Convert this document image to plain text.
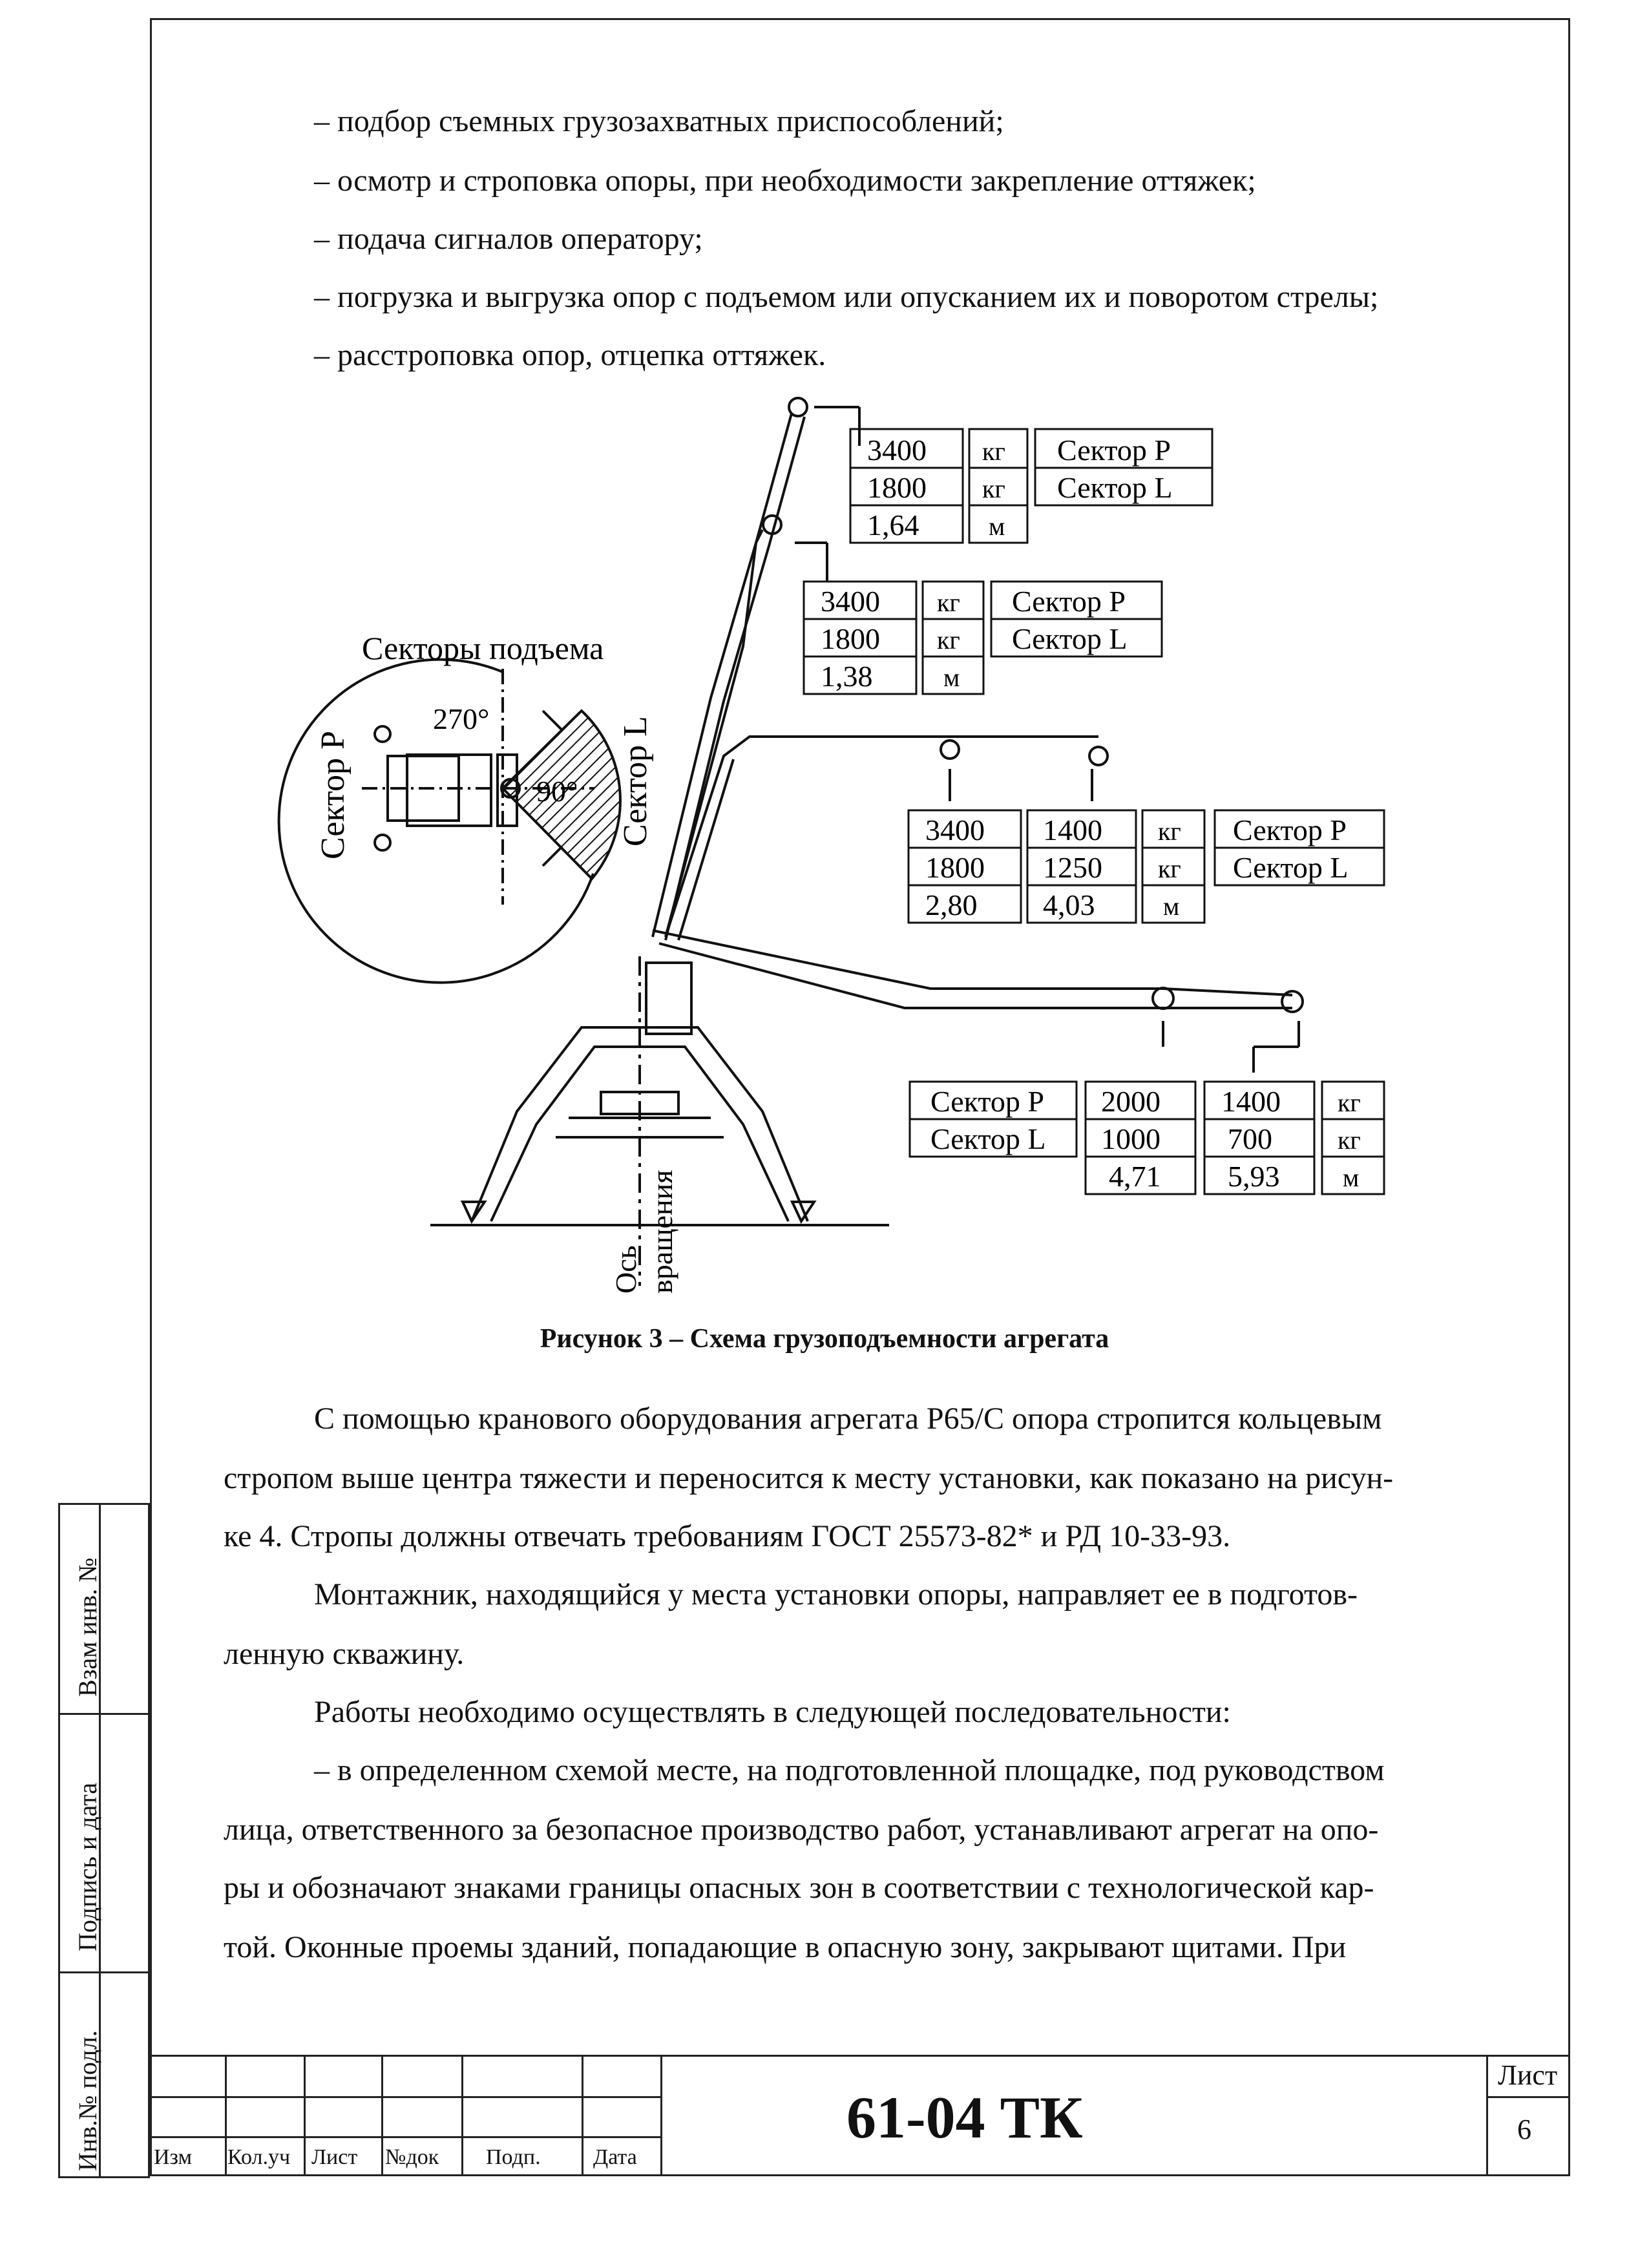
Взам инв. №
Подпись и дата
Инв.№ подл.
– подбор съемных грузозахватных приспособлений;
– осмотр и строповка опоры, при необходимости закрепление оттяжек;
– подача сигналов оператору;
– погрузка и выгрузка опор с подъемом или опусканием их и поворотом стрелы;
– расстроповка опор, отцепка оттяжек.
Секторы подъема
270°
90°
Сектор P	Сектор L
Ось вращения
3400
1800
1,64
кг
кг
м
Сектор P
Сектор L
3400
1800
1,38
кг
кг
м
Сектор P
Сектор L
3400
1800
2,80
1400
1250
4,03
кг
кг
м
Сектор P
Сектор L
Сектор P
Сектор L
2000
1000
4,71
1400
700
5,93
кг
кг
м
Рисунок 3 – Схема грузоподъемности агрегата
С помощью кранового оборудования агрегата Р65/С опора стропится кольцевым
стропом выше центра тяжести и переносится к месту установки, как показано на рисун-
ке 4. Стропы должны отвечать требованиям ГОСТ 25573-82* и РД 10-33-93.
Монтажник, находящийся у места установки опоры, направляет ее в подготов-
ленную скважину.
Работы необходимо осуществлять в следующей последовательности:
– в определенном схемой месте, на подготовленной площадке, под руководством
лица, ответственного за безопасное производство работ, устанавливают агрегат на опо-
ры и обозначают знаками границы опасных зон в соответствии с технологической кар-
той. Оконные проемы зданий, попадающие в опасную зону, закрывают щитами. При
Изм Кол.уч Лист №док Подп. Дата
61-04 ТК
Лист
6
